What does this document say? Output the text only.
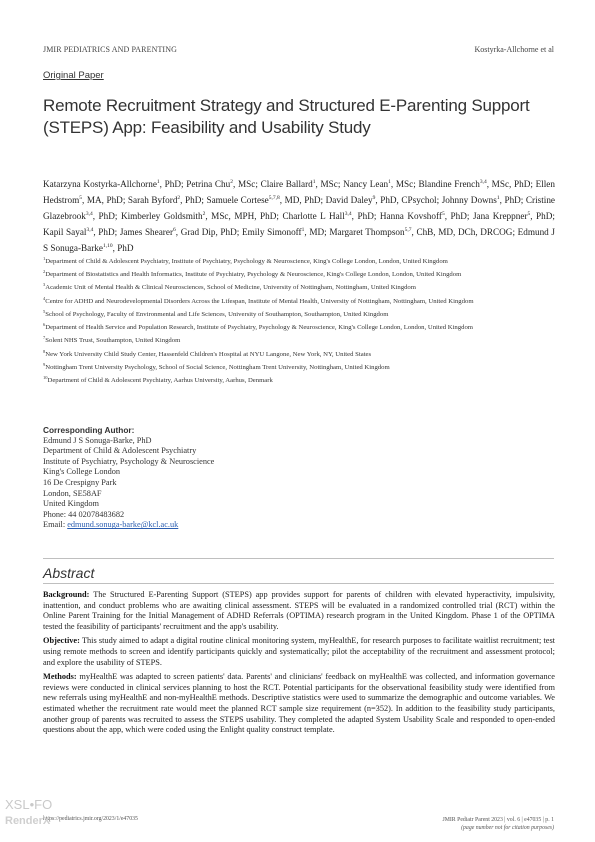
JMIR PEDIATRICS AND PARENTING	Kostyrka-Allchorne et al
Original Paper
Remote Recruitment Strategy and Structured E-Parenting Support (STEPS) App: Feasibility and Usability Study
Katarzyna Kostyrka-Allchorne$^1$, PhD; Petrina Chu$^2$, MSc; Claire Ballard$^1$, MSc; Nancy Lean$^1$, MSc; Blandine French$^{3,4}$, MSc, PhD; Ellen Hedstrom$^5$, MA, PhD; Sarah Byford$^2$, PhD; Samuele Cortese$^{5,7,8}$, MD, PhD; David Daley$^9$, PhD, CPsychol; Johnny Downs$^1$, PhD; Cristine Glazebrook$^{3,4}$, PhD; Kimberley Goldsmith$^2$, MSc, MPH, PhD; Charlotte L Hall$^{3,4}$, PhD; Hanna Kovshoff$^5$, PhD; Jana Kreppner$^5$, PhD; Kapil Sayal$^{3,4}$, PhD; James Shearer$^6$, Grad Dip, PhD; Emily Simonoff$^1$, MD; Margaret Thompson$^{5,7}$, ChB, MD, DCh, DRCOG; Edmund J S Sonuga-Barke$^{1,10}$, PhD
$^1$Department of Child & Adolescent Psychiatry, Institute of Psychiatry, Psychology & Neuroscience, King's College London, London, United Kingdom
$^2$Department of Biostatistics and Health Informatics, Institute of Psychiatry, Psychology & Neuroscience, King's College London, London, United Kingdom
$^3$Academic Unit of Mental Health & Clinical Neurosciences, School of Medicine, University of Nottingham, Nottingham, United Kingdom
$^4$Centre for ADHD and Neurodevelopmental Disorders Across the Lifespan, Institute of Mental Health, University of Nottingham, Nottingham, United Kingdom
$^5$School of Psychology, Faculty of Environmental and Life Sciences, University of Southampton, Southampton, United Kingdom
$^6$Department of Health Service and Population Research, Institute of Psychiatry, Psychology & Neuroscience, King's College London, London, United Kingdom
$^7$Solent NHS Trust, Southampton, United Kingdom
$^8$New York University Child Study Center, Hassenfeld Children's Hospital at NYU Langone, New York, NY, United States
$^9$Nottingham Trent University Psychology, School of Social Science, Nottingham Trent University, Nottingham, United Kingdom
$^{10}$Department of Child & Adolescent Psychiatry, Aarhus University, Aarhus, Denmark
Corresponding Author:
Edmund J S Sonuga-Barke, PhD
Department of Child & Adolescent Psychiatry
Institute of Psychiatry, Psychology & Neuroscience
King's College London
16 De Crespigny Park
London, SE58AF
United Kingdom
Phone: 44 02078483682
Email: edmund.sonuga-barke@kcl.ac.uk
Abstract

Background: The Structured E-Parenting Support (STEPS) app provides support for parents of children with elevated hyperactivity, impulsivity, inattention, and conduct problems who are awaiting clinical assessment. STEPS will be evaluated in a randomized controlled trial (RCT) within the Online Parent Training for the Initial Management of ADHD Referrals (OPTIMA) research program in the United Kingdom. Phase 1 of the OPTIMA tested the feasibility of participants' recruitment and the app's usability.

Objective: This study aimed to adapt a digital routine clinical monitoring system, myHealthE, for research purposes to facilitate waitlist recruitment; test using remote methods to screen and identify participants quickly and systematically; pilot the acceptability of the recruitment and assessment protocol; and explore the usability of STEPS.

Methods: myHealthE was adapted to screen patients' data. Parents' and clinicians' feedback on myHealthE was collected, and information governance reviews were conducted in clinical services planning to host the RCT. Potential participants for the observational feasibility study were identified from new referrals using myHealthE and non-myHealthE methods. Descriptive statistics were used to summarize the demographic and outcome variables. We estimated whether the recruitment rate would meet the planned RCT sample size requirement (n=352). In addition to the feasibility study participants, another group of parents was recruited to assess the STEPS usability. They completed the adapted System Usability Scale and responded to open-ended questions about the app, which were coded using the Enlight quality construct template.

https://pediatrics.jmir.org/2023/1/e47035	JMIR Pediatr Parent 2023 | vol. 6 | e47035 | p. 1
(page number not for citation purposes)
XSL•FO
RenderX
